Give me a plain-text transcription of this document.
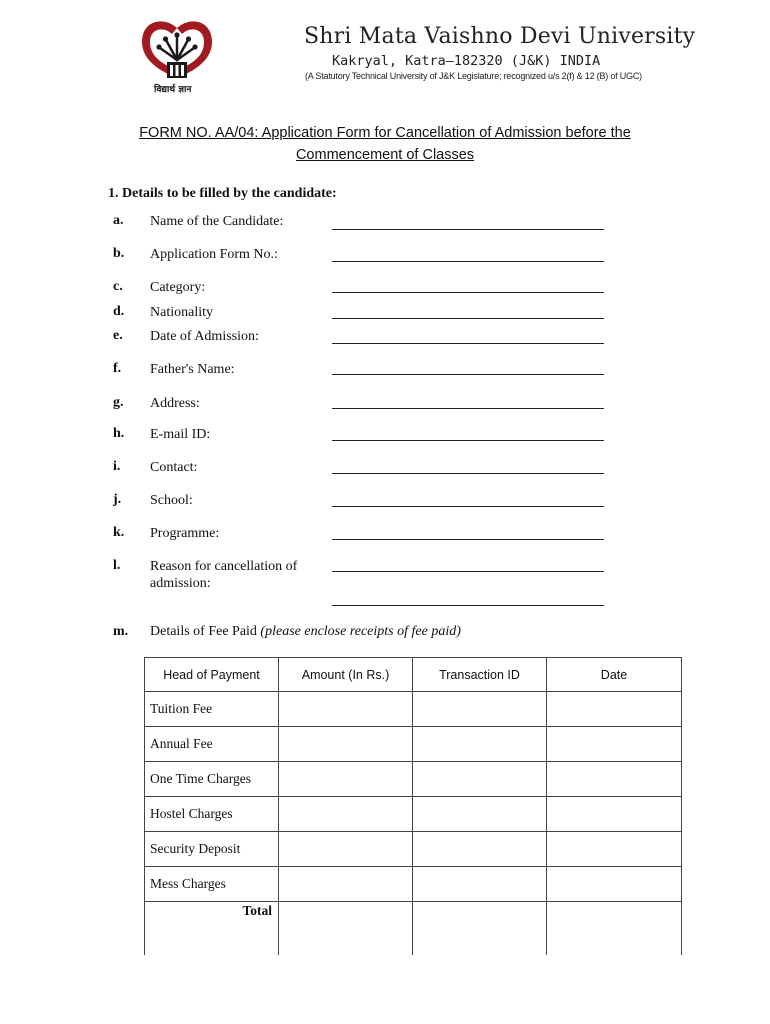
विद्यार्थ ज्ञान
Shri Mata Vaishno Devi University
Kakryal, Katra–182320 (J&K) INDIA
(A Statutory Technical University of J&K Legislature; recognized u/s 2(f) & 12 (B) of UGC)
FORM NO. AA/04: Application Form for Cancellation of Admission before the
Commencement of Classes
1. Details to be filled by the candidate:
a. Name of the Candidate:
b. Application Form No.:
c. Category:
d. Nationality
e. Date of Admission:
f. Father's Name:
g. Address:
h. E-mail ID:
i. Contact:
j. School:
k. Programme:
l. Reason for cancellation of
admission:
m. Details of Fee Paid (please enclose receipts of fee paid)
Head of Payment	Amount (In Rs.)	Transaction ID	Date
Tuition Fee			
Annual Fee			
One Time Charges			
Hostel Charges			
Security Deposit			
Mess Charges			
Total			
